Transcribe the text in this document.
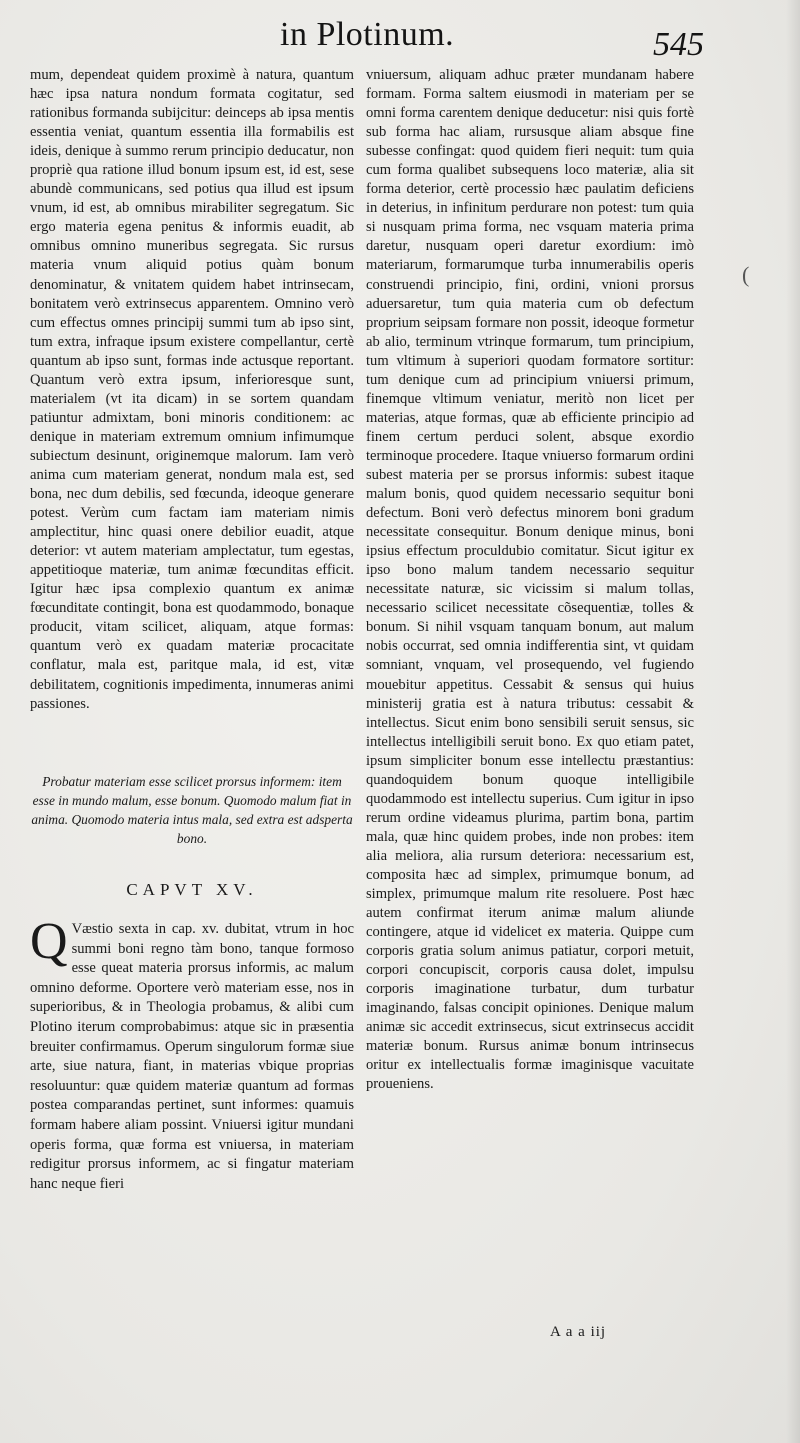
in Plotinum.	545

mum, dependeat quidem proximè à natura, quantum hæc ipsa natura nondum formata cogitatur, sed rationibus formanda subijcitur: deinceps ab ipsa mentis essentia veniat, quantum essentia illa formabilis est ideis, denique à summo rerum principio deducatur, non propriè qua ratione illud bonum ipsum est, id est, sese abundè communicans, sed potius qua illud est ipsum vnum, id est, ab omnibus mirabiliter segregatum. Sic ergo materia egena penitus & informis euadit, ab omnibus omnino muneribus segregata. Sic rursus materia vnum aliquid potius quàm bonum denominatur, & vnitatem quidem habet intrinsecam, bonitatem verò extrinsecus apparentem. Omnino verò cum effectus omnes principij summi tum ab ipso sint, tum extra, infraque ipsum existere compellantur, certè quantum ab ipso sunt, formas inde actusque reportant. Quantum verò extra ipsum, inferioresque sunt, materialem (vt ita dicam) in se sortem quandam patiuntur admixtam, boni minoris conditionem: ac denique in materiam extremum omnium infimumque subiectum desinunt, originemque malorum. Iam verò anima cum materiam generat, nondum mala est, sed bona, nec dum debilis, sed fœcunda, ideoque generare potest. Verùm cum factam iam materiam nimis amplectitur, hinc quasi onere debilior euadit, atque deterior: vt autem materiam amplectatur, tum egestas, appetitioque materiæ, tum animæ fœcunditas efficit. Igitur hæc ipsa complexio quantum ex animæ fœcunditate contingit, bona est quodammodo, bonaque producit, vitam scilicet, aliquam, atque formas: quantum verò ex quadam materiæ procacitate conflatur, mala est, paritque mala, id est, vitæ debilitatem, cognitionis impedimenta, innumeras animi passiones.

Probatur materiam esse scilicet prorsus informem: item esse in mundo malum, esse bonum. Quomodo malum fiat in anima. Quomodo materia intus mala, sed extra est adsperta bono.
CAPVT XV.
Q Væstio sexta in cap. xv. dubitat, vtrum in hoc summi boni regno tàm bono, tanque formoso esse queat materia prorsus informis, ac malum omnino deforme. Oportere verò materiam esse, nos in superioribus, & in Theologia probamus, & alibi cum Plotino iterum comprobabimus: atque sic in præsentia breuiter confirmamus. Operum singulorum formæ siue arte, siue natura, fiant, in materias vbique proprias resoluuntur: quæ quidem materiæ quantum ad formas postea comparandas pertinet, sunt informes: quamuis formam habere aliam possint. Vniuersi igitur mundani operis forma, quæ forma est vniuersa, in materiam redigitur prorsus informem, ac si fingatur materiam hanc neque fieri

vniuersum, aliquam adhuc præter mundanam habere formam. Forma saltem eiusmodi in materiam per se omni forma carentem denique deducetur: nisi quis fortè sub forma hac aliam, rursusque aliam absque fine subesse confingat: quod quidem fieri nequit: tum quia cum forma qualibet subsequens loco materiæ, alia sit forma deterior, certè processio hæc paulatim deficiens in deterius, in infinitum perdurare non potest: tum quia si nusquam prima forma, nec vsquam materia prima daretur, nusquam operi daretur exordium: imò materiarum, formarumque turba innumerabilis operis construendi principio, fini, ordini, vnioni prorsus aduersaretur, tum quia materia cum ob defectum proprium seipsam formare non possit, ideoque formetur ab alio, terminum vtrinque formarum, tum principium, tum vltimum à superiori quodam formatore sortitur: tum denique cum ad principium vniuersi primum, finemque vltimum veniatur, meritò non licet per materias, atque formas, quæ ab efficiente principio ad finem certum perduci solent, absque exordio terminoque procedere. Itaque vniuerso formarum ordini subest materia per se prorsus informis: subest itaque malum bonis, quod quidem necessario sequitur boni defectum. Boni verò defectus minorem boni gradum necessitate consequitur. Bonum denique minus, boni ipsius effectum proculdubio comitatur. Sicut igitur ex ipso bono malum tandem necessario sequitur necessitate naturæ, sic vicissim si malum tollas, necessario scilicet necessitate cõsequentiæ, tolles & bonum. Si nihil vsquam tanquam bonum, aut malum nobis occurrat, sed omnia indifferentia sint, vt quidam somniant, vnquam, vel prosequendo, vel fugiendo mouebitur appetitus. Cessabit & sensus qui huius ministerij gratia est à natura tributus: cessabit & intellectus. Sicut enim bono sensibili seruit sensus, sic intellectus intelligibili seruit bono. Ex quo etiam patet, ipsum simpliciter bonum esse intellectu præstantius: quandoquidem bonum quoque intelligibile quodammodo est intellectu superius. Cum igitur in ipso rerum ordine videamus plurima, partim bona, partim mala, quæ hinc quidem probes, inde non probes: item alia meliora, alia rursum deteriora: necessarium est, composita hæc ad simplex, primumque bonum, ad simplex, primumque malum rite resoluere. Post hæc autem confirmat iterum animæ malum aliunde contingere, atque id videlicet ex materia. Quippe cum corporis gratia solum animus patiatur, corpori metuit, corpori concupiscit, corporis causa dolet, impulsu corporis imaginatione turbatur, dum turbatur imaginando, falsas concipit opiniones. Denique malum animæ sic accedit extrinsecus, sicut extrinsecus accidit materiæ bonum. Rursus animæ bonum intrinsecus oritur ex intellectualis formæ imaginisque vacuitate proueniens.

(
A a a iij
